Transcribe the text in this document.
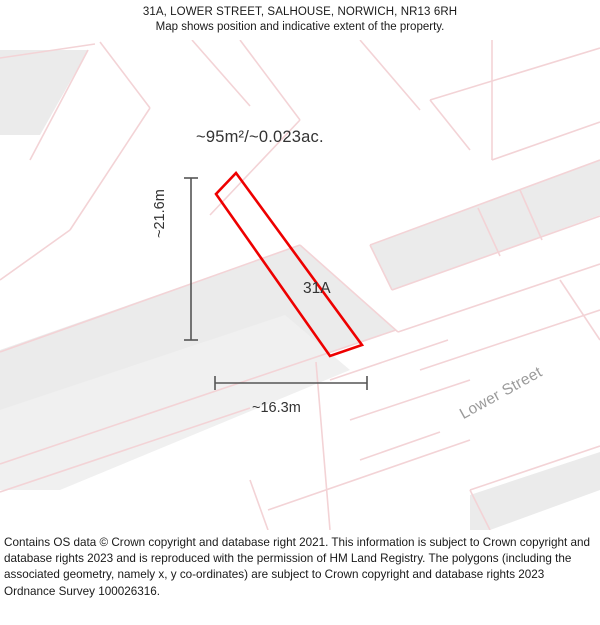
31A, LOWER STREET, SALHOUSE, NORWICH, NR13 6RH
Map shows position and indicative extent of the property.
~95m²/~0.023ac.
31A
~16.3m
~21.6m
Lower Street

Contains OS data © Crown copyright and database right 2021. This information is subject to Crown copyright and database rights 2023 and is reproduced with the permission of HM Land Registry. The polygons (including the associated geometry, namely x, y co-ordinates) are subject to Crown copyright and database rights 2023 Ordnance Survey 100026316.
